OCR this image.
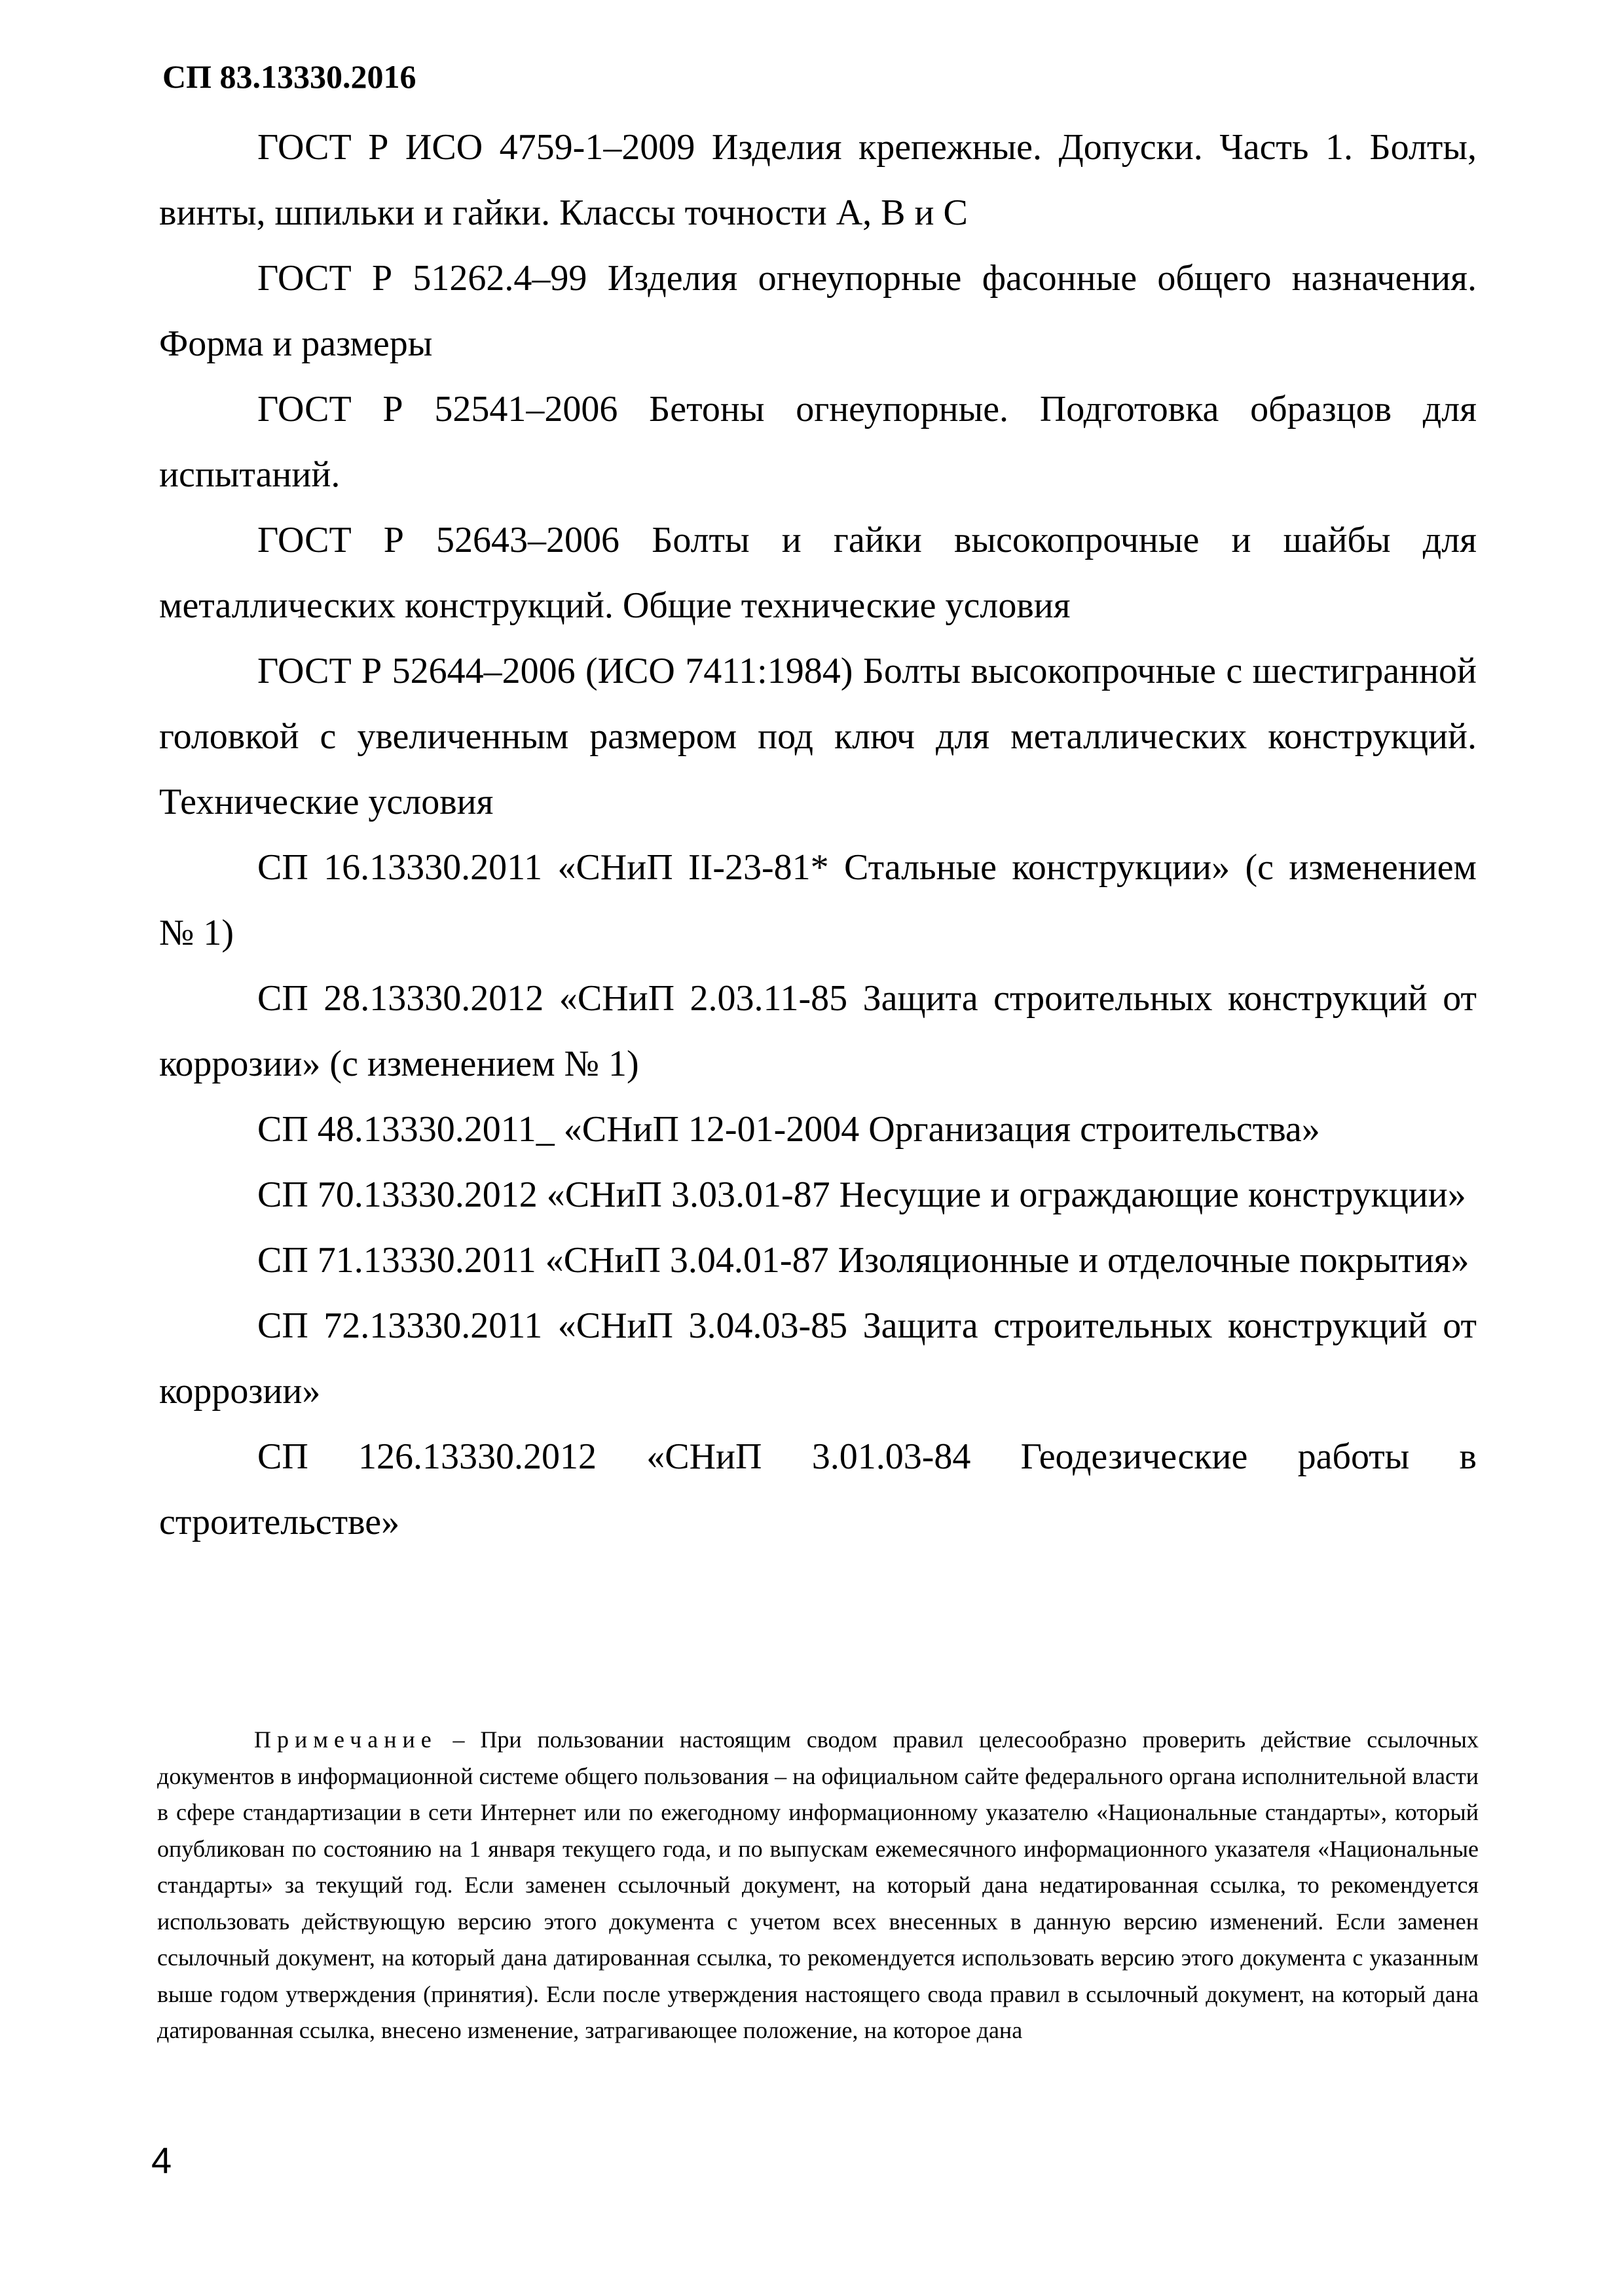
СП 83.13330.2016

ГОСТ Р ИСО 4759-1–2009 Изделия крепежные. Допуски. Часть 1. Болты, винты, шпильки и гайки. Классы точности А, В и С

ГОСТ Р 51262.4–99 Изделия огнеупорные фасонные общего назначения. Форма и размеры

ГОСТ Р 52541–2006 Бетоны огнеупорные. Подготовка образцов для испытаний.

ГОСТ Р 52643–2006 Болты и гайки высокопрочные и шайбы для металлических конструкций. Общие технические условия

ГОСТ Р 52644–2006 (ИСО 7411:1984) Болты высокопрочные с шестигранной головкой с увеличенным размером под ключ для металлических конструкций. Технические условия

СП 16.13330.2011 «СНиП II-23-81* Стальные конструкции» (с изменением № 1)

СП 28.13330.2012 «СНиП 2.03.11-85 Защита строительных конструкций от коррозии» (с изменением № 1)

СП 48.13330.2011_ «СНиП 12-01-2004 Организация строительства»

СП 70.13330.2012 «СНиП 3.03.01-87 Несущие и ограждающие конструкции»

СП 71.13330.2011 «СНиП 3.04.01-87 Изоляционные и отделочные покрытия»

СП 72.13330.2011 «СНиП 3.04.03-85 Защита строительных конструкций от коррозии»

СП 126.13330.2012 «СНиП 3.01.03-84 Геодезические работы в строительстве»

Примечание – При пользовании настоящим сводом правил целесообразно проверить действие ссылочных документов в информационной системе общего пользования – на официальном сайте федерального органа исполнительной власти в сфере стандартизации в сети Интернет или по ежегодному информационному указателю «Национальные стандарты», который опубликован по состоянию на 1 января текущего года, и по выпускам ежемесячного информационного указателя «Национальные стандарты» за текущий год. Если заменен ссылочный документ, на который дана недатированная ссылка, то рекомендуется использовать действующую версию этого документа с учетом всех внесенных в данную версию изменений. Если заменен ссылочный документ, на который дана датированная ссылка, то рекомендуется использовать версию этого документа с указанным выше годом утверждения (принятия). Если после утверждения настоящего свода правил в ссылочный документ, на который дана датированная ссылка, внесено изменение, затрагивающее положение, на которое дана

4
